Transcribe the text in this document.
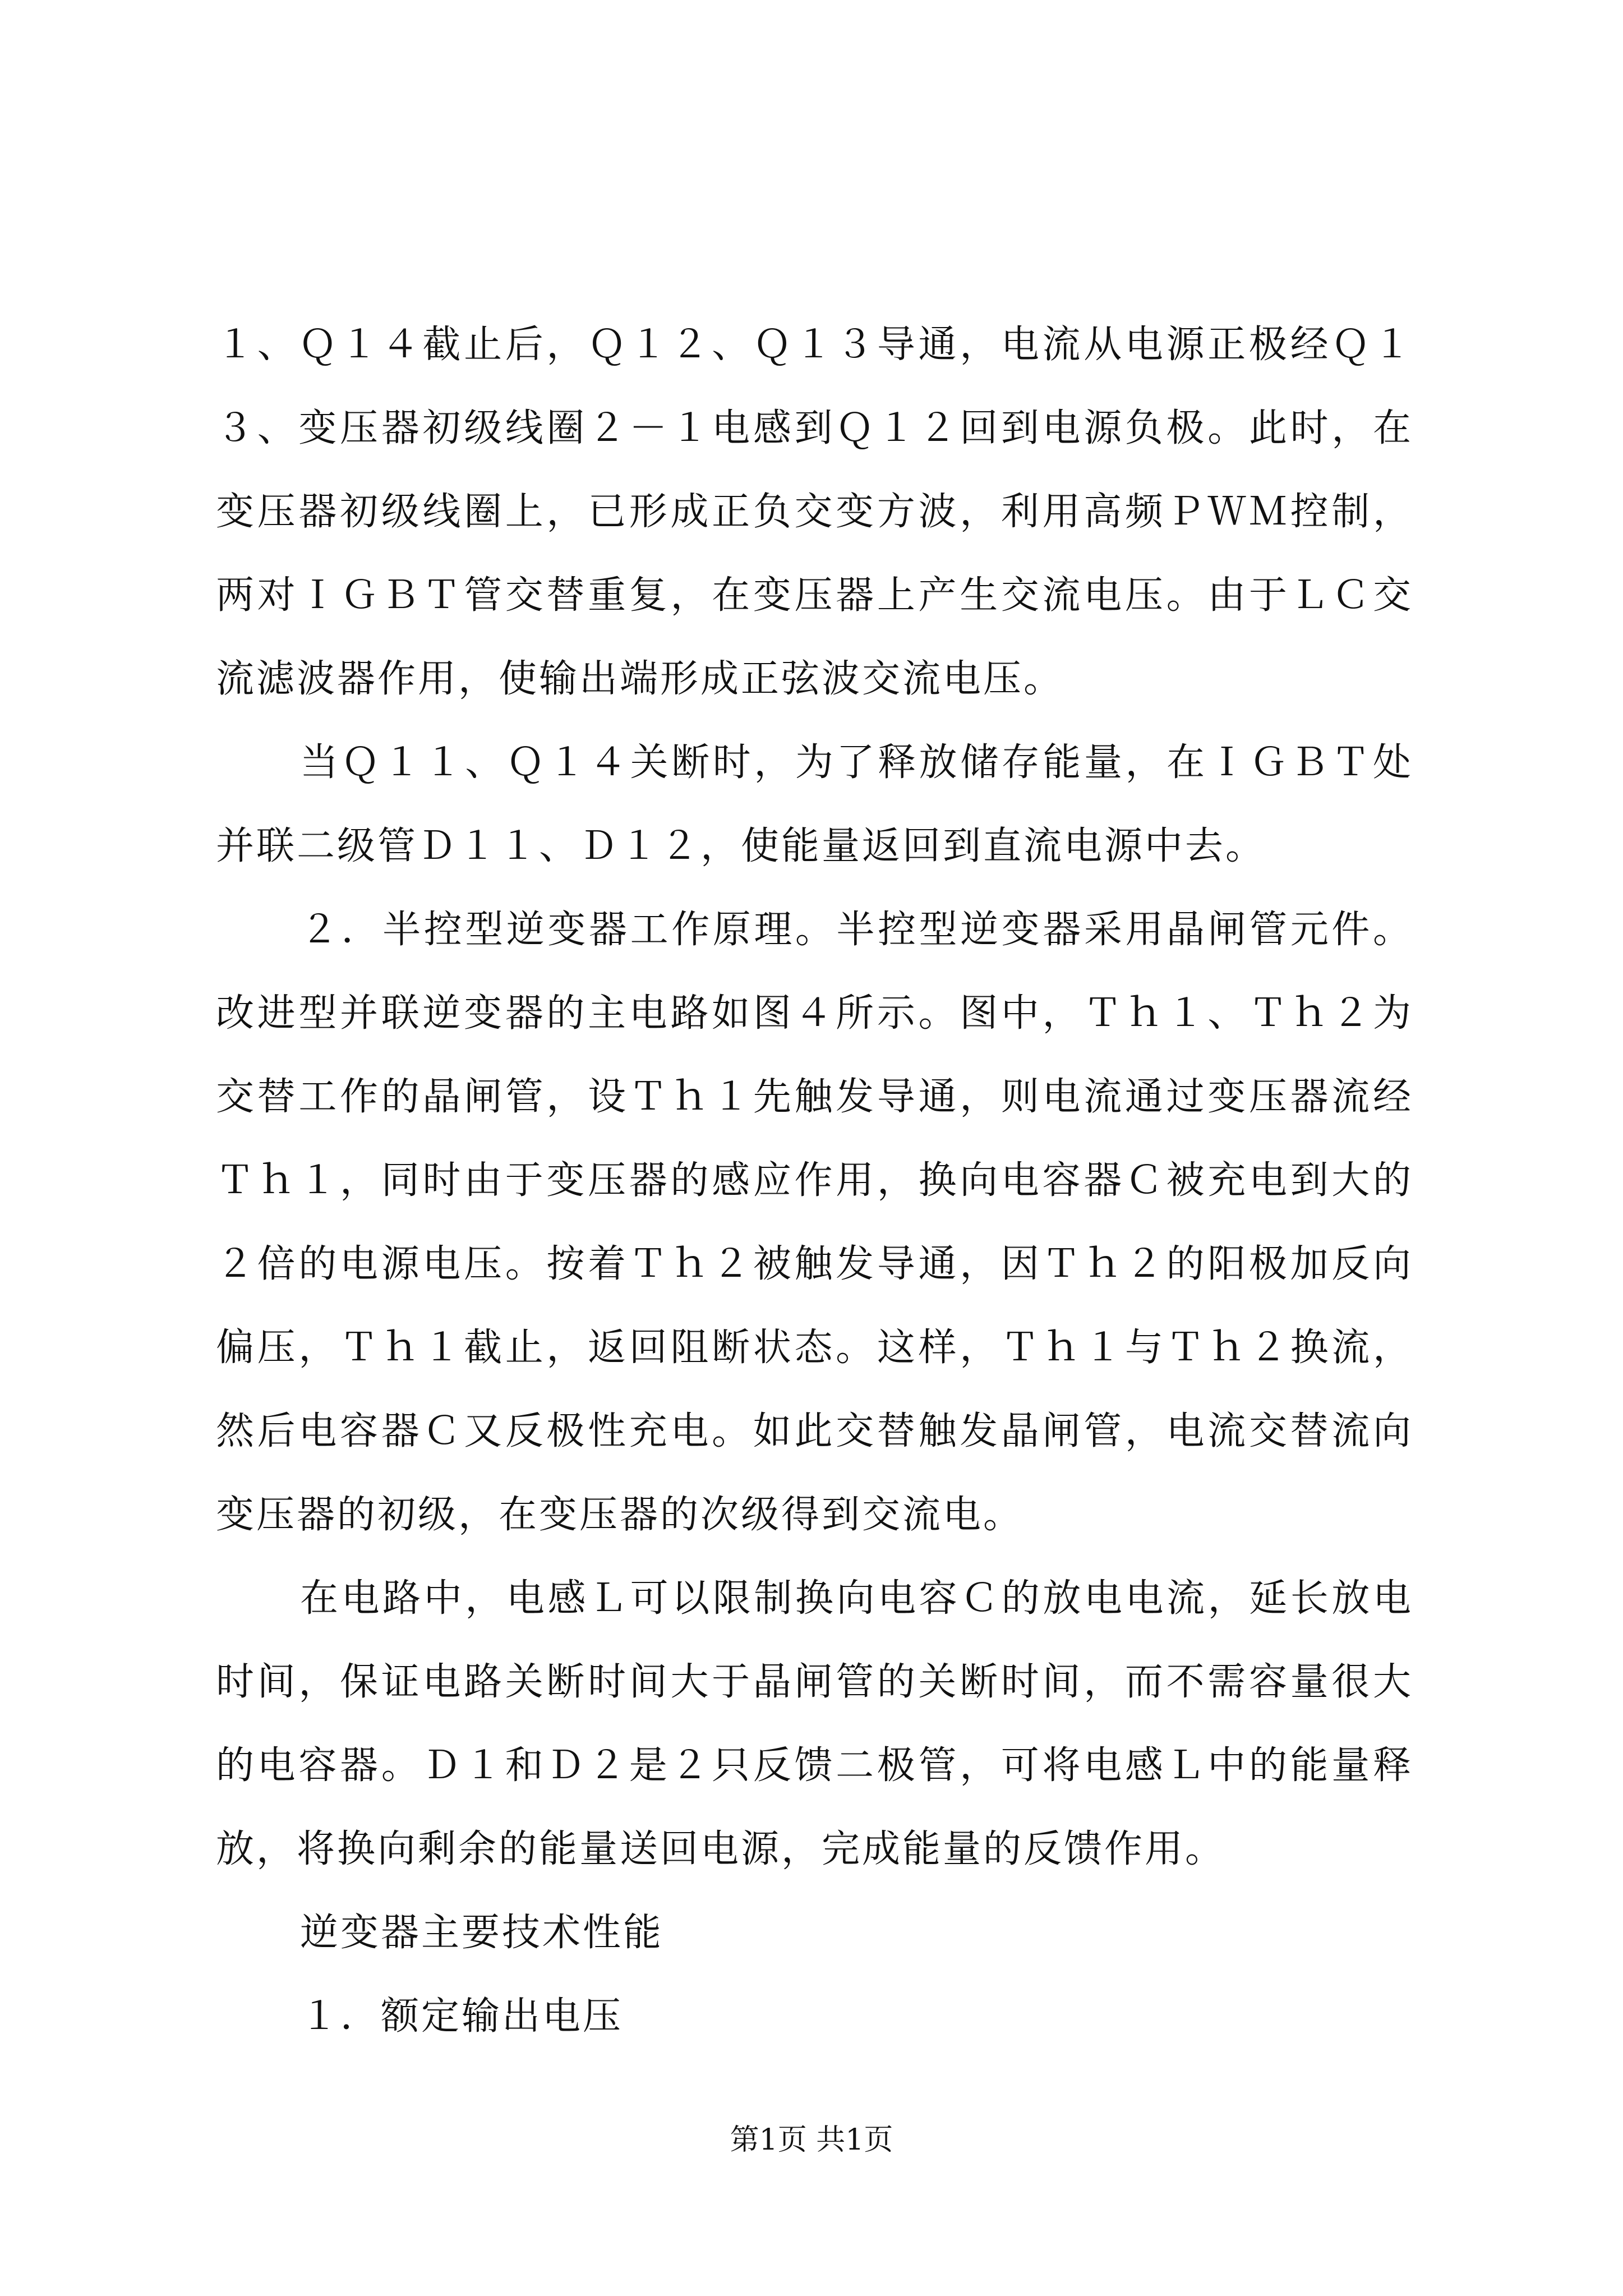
１、Ｑ１４截止后，Ｑ１２、Ｑ１３导通，电流从电源正极经Ｑ１３、变压器初级线圈２－１电感到Ｑ１２回到电源负极。此时，在变压器初级线圈上，已形成正负交变方波，利用高频ＰＷＭ控制，两对ＩＧＢＴ管交替重复，在变压器上产生交流电压。由于ＬＣ交流滤波器作用，使输出端形成正弦波交流电压。

当Ｑ１１、Ｑ１４关断时，为了释放储存能量，在ＩＧＢＴ处并联二级管Ｄ１１、Ｄ１２，使能量返回到直流电源中去。

２．半控型逆变器工作原理。半控型逆变器采用晶闸管元件。改进型并联逆变器的主电路如图４所示。图中，Ｔｈ１、Ｔｈ２为交替工作的晶闸管，设Ｔｈ１先触发导通，则电流通过变压器流经Ｔｈ１，同时由于变压器的感应作用，换向电容器Ｃ被充电到大的２倍的电源电压。按着Ｔｈ２被触发导通，因Ｔｈ２的阳极加反向偏压，Ｔｈ１截止，返回阻断状态。这样，Ｔｈ１与Ｔｈ２换流，然后电容器Ｃ又反极性充电。如此交替触发晶闸管，电流交替流向变压器的初级，在变压器的次级得到交流电。

在电路中，电感Ｌ可以限制换向电容Ｃ的放电电流，延长放电时间，保证电路关断时间大于晶闸管的关断时间，而不需容量很大的电容器。Ｄ１和Ｄ２是２只反馈二极管，可将电感Ｌ中的能量释放，将换向剩余的能量送回电源，完成能量的反馈作用。

逆变器主要技术性能

１．额定输出电压

第1页 共1页
